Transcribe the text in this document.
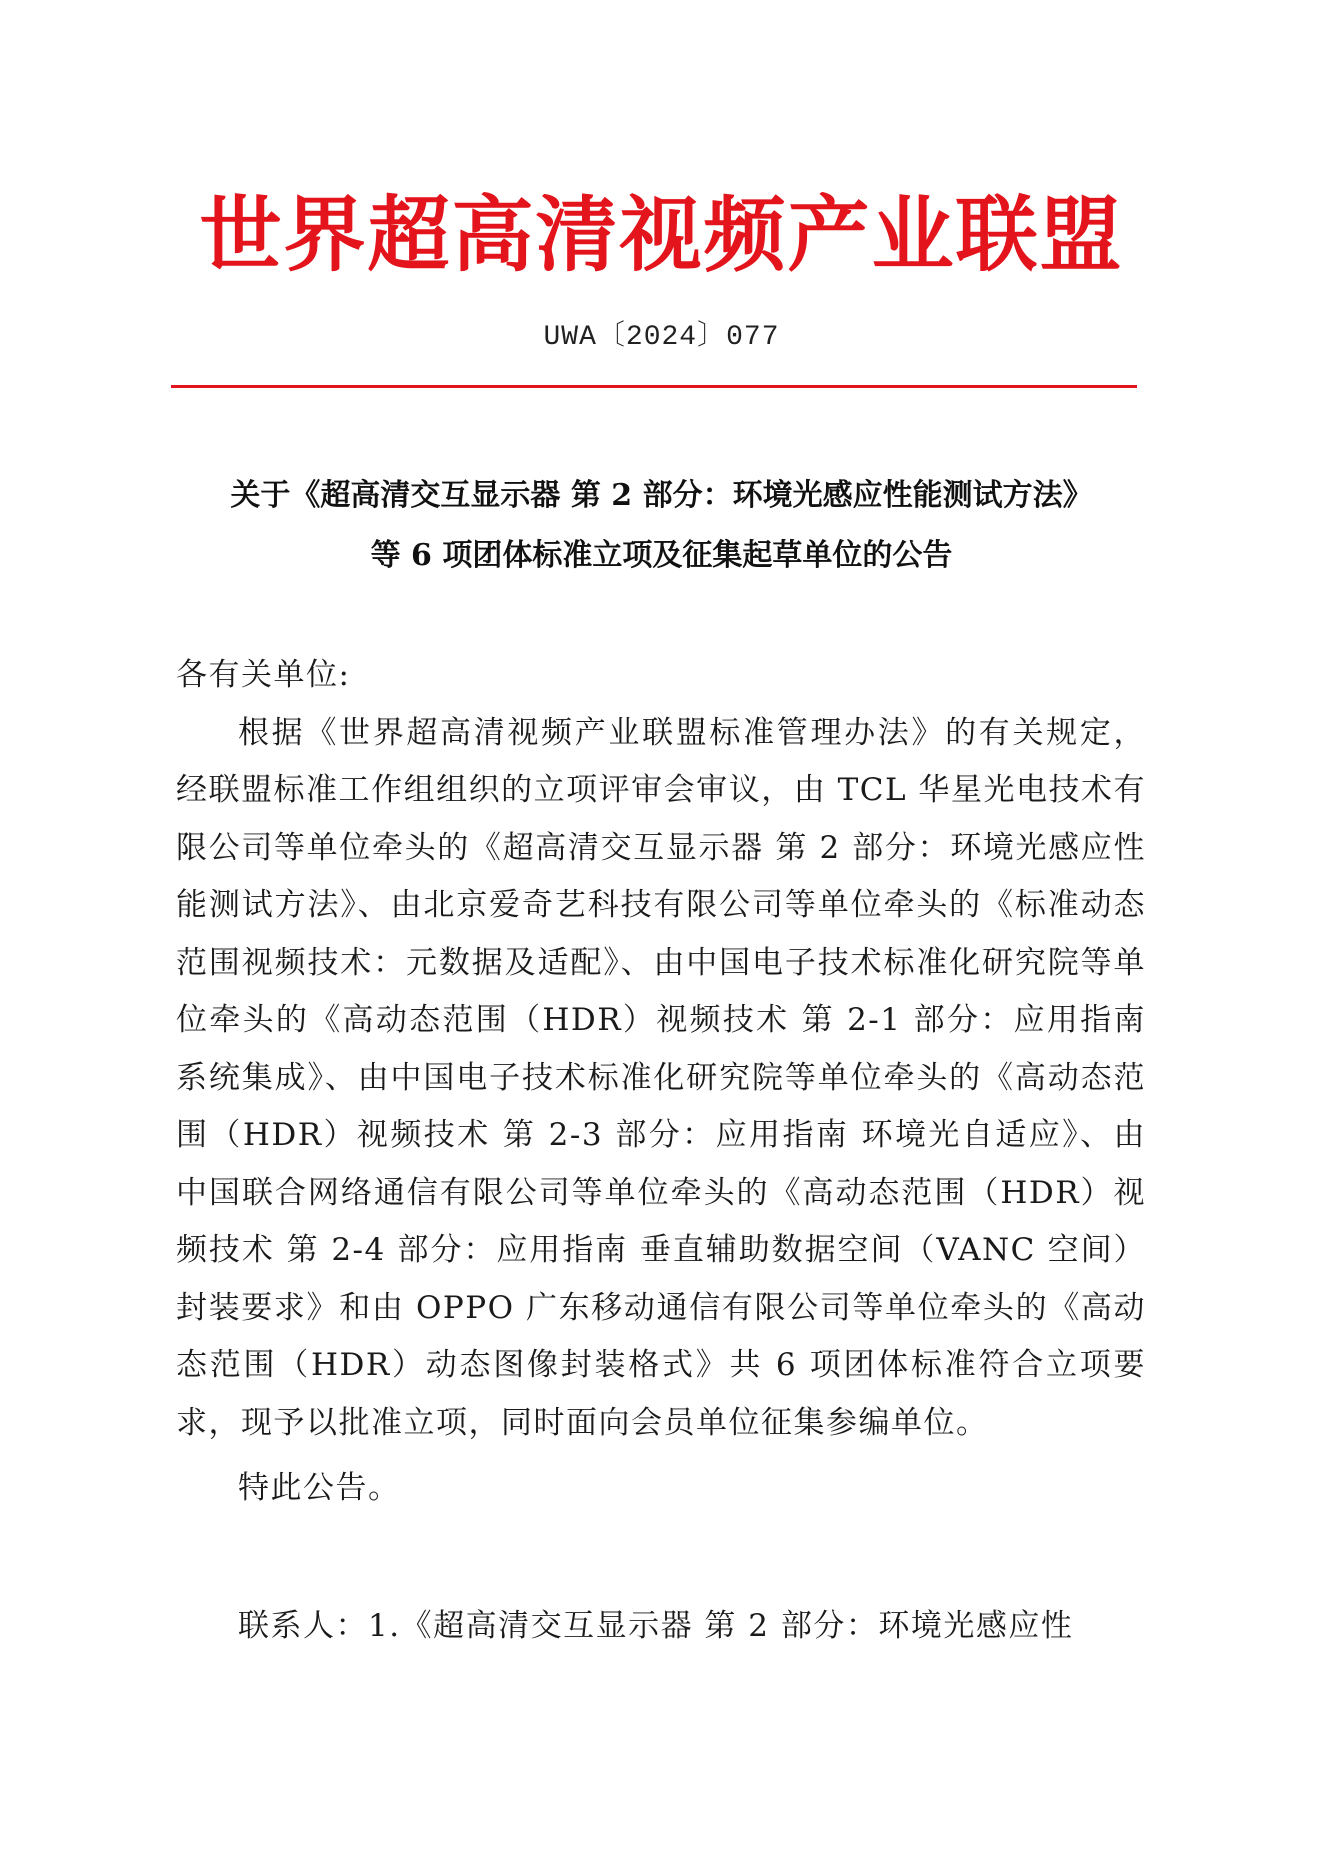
世界超高清视频产业联盟
UWA〔2024〕077
关于《超高清交互显示器 第 2 部分：环境光感应性能测试方法》
等 6 项团体标准立项及征集起草单位的公告

各有关单位:

根据《世界超高清视频产业联盟标准管理办法》的有关规定，经联盟标准工作组组织的立项评审会审议，由 TCL 华星光电技术有限公司等单位牵头的《超高清交互显示器 第 2 部分：环境光感应性能测试方法》、由北京爱奇艺科技有限公司等单位牵头的《标准动态范围视频技术：元数据及适配》、由中国电子技术标准化研究院等单位牵头的《高动态范围（HDR）视频技术 第 2-1 部分：应用指南 系统集成》、由中国电子技术标准化研究院等单位牵头的《高动态范围（HDR）视频技术 第 2-3 部分：应用指南 环境光自适应》、由中国联合网络通信有限公司等单位牵头的《高动态范围（HDR）视频技术 第 2-4 部分：应用指南 垂直辅助数据空间（VANC 空间）封装要求》和由 OPPO 广东移动通信有限公司等单位牵头的《高动态范围（HDR）动态图像封装格式》共 6 项团体标准符合立项要求，现予以批准立项，同时面向会员单位征集参编单位。

特此公告。

联系人：1.《超高清交互显示器 第 2 部分：环境光感应性
